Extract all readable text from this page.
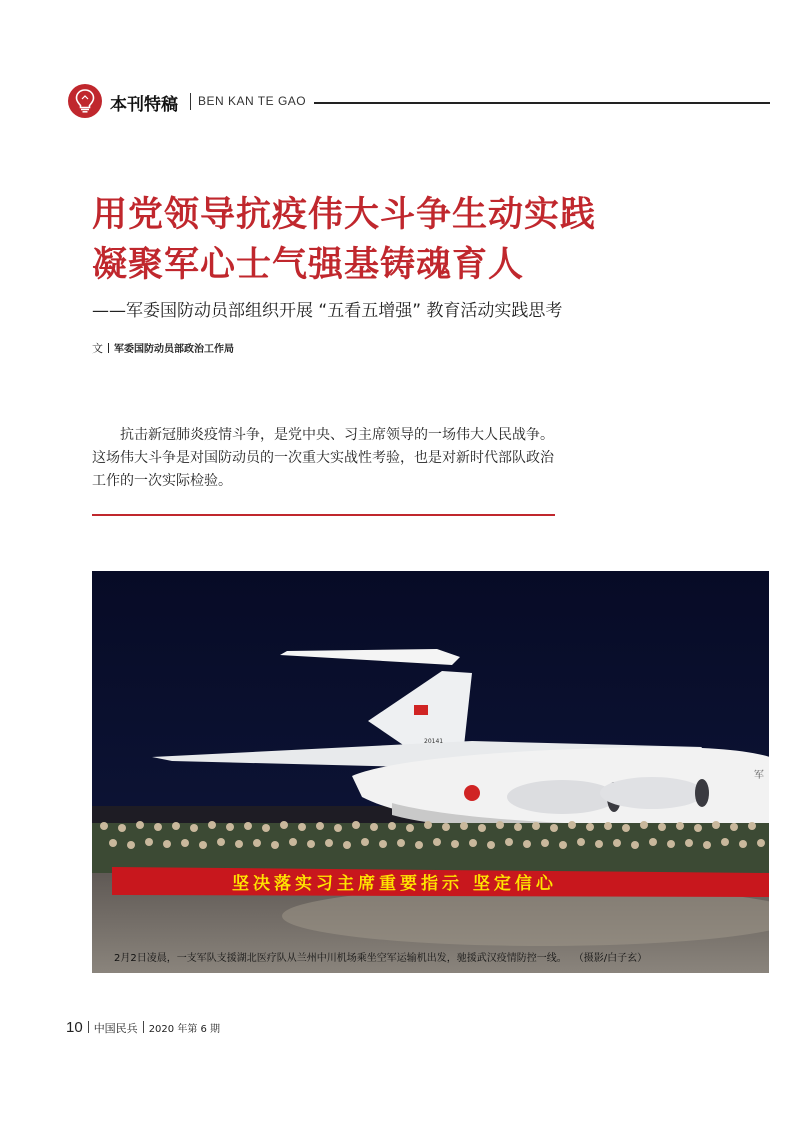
本刊特稿 BEN KAN TE GAO
用党领导抗疫伟大斗争生动实践
凝聚军心士气强基铸魂育人
——军委国防动员部组织开展 “五看五增强” 教育活动实践思考
文 军委国防动员部政治工作局
抗击新冠肺炎疫情斗争，是党中央、习主席领导的一场伟大人民战争。这场伟大斗争是对国防动员的一次重大实战性考验，也是对新时代部队政治工作的一次实际检验。
20141
军
坚决落实习主席重要指示 坚定信心
2月2日凌晨，一支军队支援湖北医疗队从兰州中川机场乘坐空军运输机出发，驰援武汉疫情防控一线。 （摄影/白子玄）
10 中国民兵 2020 年第 6 期
